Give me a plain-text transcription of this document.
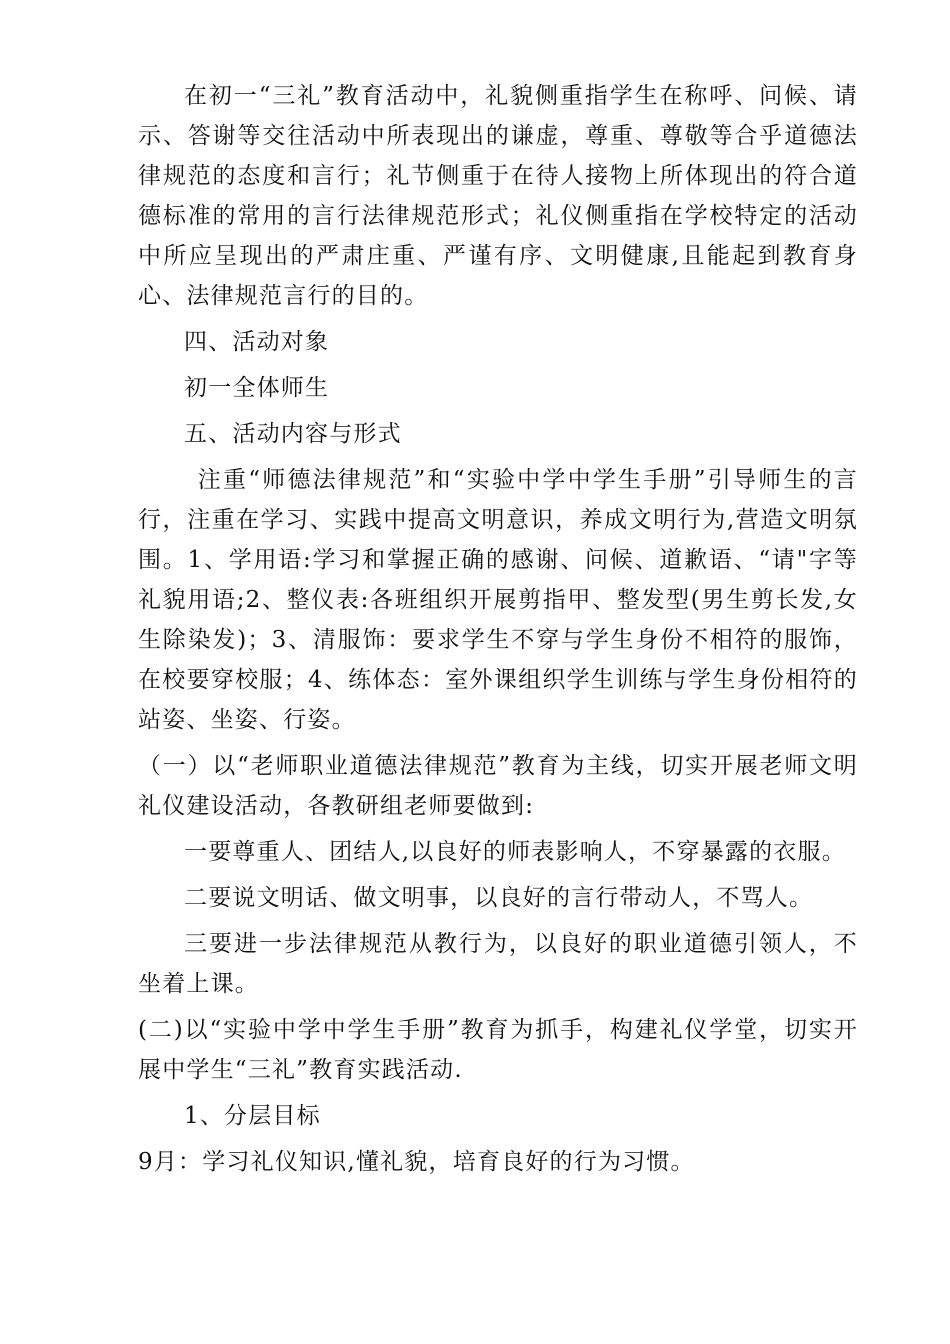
在初一“三礼”教育活动中，礼貌侧重指学生在称呼、问候、请示、答谢等交往活动中所表现出的谦虚，尊重、尊敬等合乎道德法律规范的态度和言行；礼节侧重于在待人接物上所体现出的符合道德标准的常用的言行法律规范形式；礼仪侧重指在学校特定的活动中所应呈现出的严肃庄重、严谨有序、文明健康,且能起到教育身心、法律规范言行的目的。

四、活动对象

初一全体师生

五、活动内容与形式

注重“师德法律规范”和“实验中学中学生手册”引导师生的言行，注重在学习、实践中提高文明意识，养成文明行为,营造文明氛围。1、学用语:学习和掌握正确的感谢、问候、道歉语、“请"字等礼貌用语;2、整仪表:各班组织开展剪指甲、整发型(男生剪长发,女生除染发)；3、清服饰：要求学生不穿与学生身份不相符的服饰，在校要穿校服；4、练体态：室外课组织学生训练与学生身份相符的站姿、坐姿、行姿。

（一）以“老师职业道德法律规范”教育为主线，切实开展老师文明礼仪建设活动，各教研组老师要做到:

一要尊重人、团结人,以良好的师表影响人，不穿暴露的衣服。

二要说文明话、做文明事，以良好的言行带动人，不骂人。

三要进一步法律规范从教行为，以良好的职业道德引领人，不坐着上课。

(二)以“实验中学中学生手册”教育为抓手，构建礼仪学堂，切实开展中学生“三礼”教育实践活动.

1、分层目标

9月：学习礼仪知识,懂礼貌，培育良好的行为习惯。
